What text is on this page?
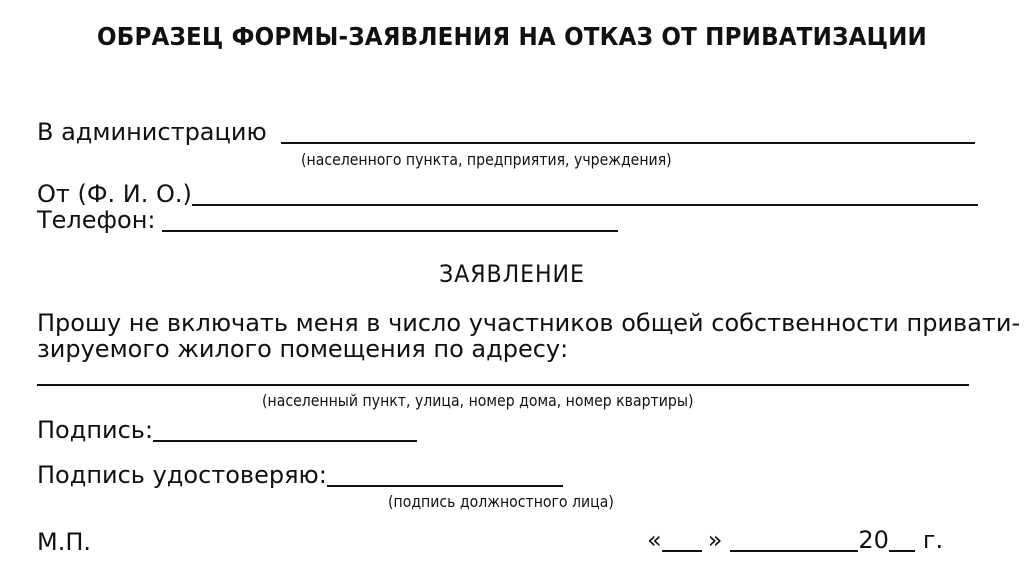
ОБРАЗЕЦ ФОРМЫ-ЗАЯВЛЕНИЯ НА ОТКАЗ ОТ ПРИВАТИЗАЦИИ
В администрацию
(населенного пункта, предприятия, учреждения)
От (Ф. И. О.)
Телефон:
ЗАЯВЛЕНИЕ
Прошу не включать меня в число участников общей собственности привати-
зируемого жилого помещения по адресу:
(населенный пункт, улица, номер дома, номер квартиры)
Подпись:
Подпись удостоверяю:
(подпись должностного лица)
М.П.	« »	20 г.
